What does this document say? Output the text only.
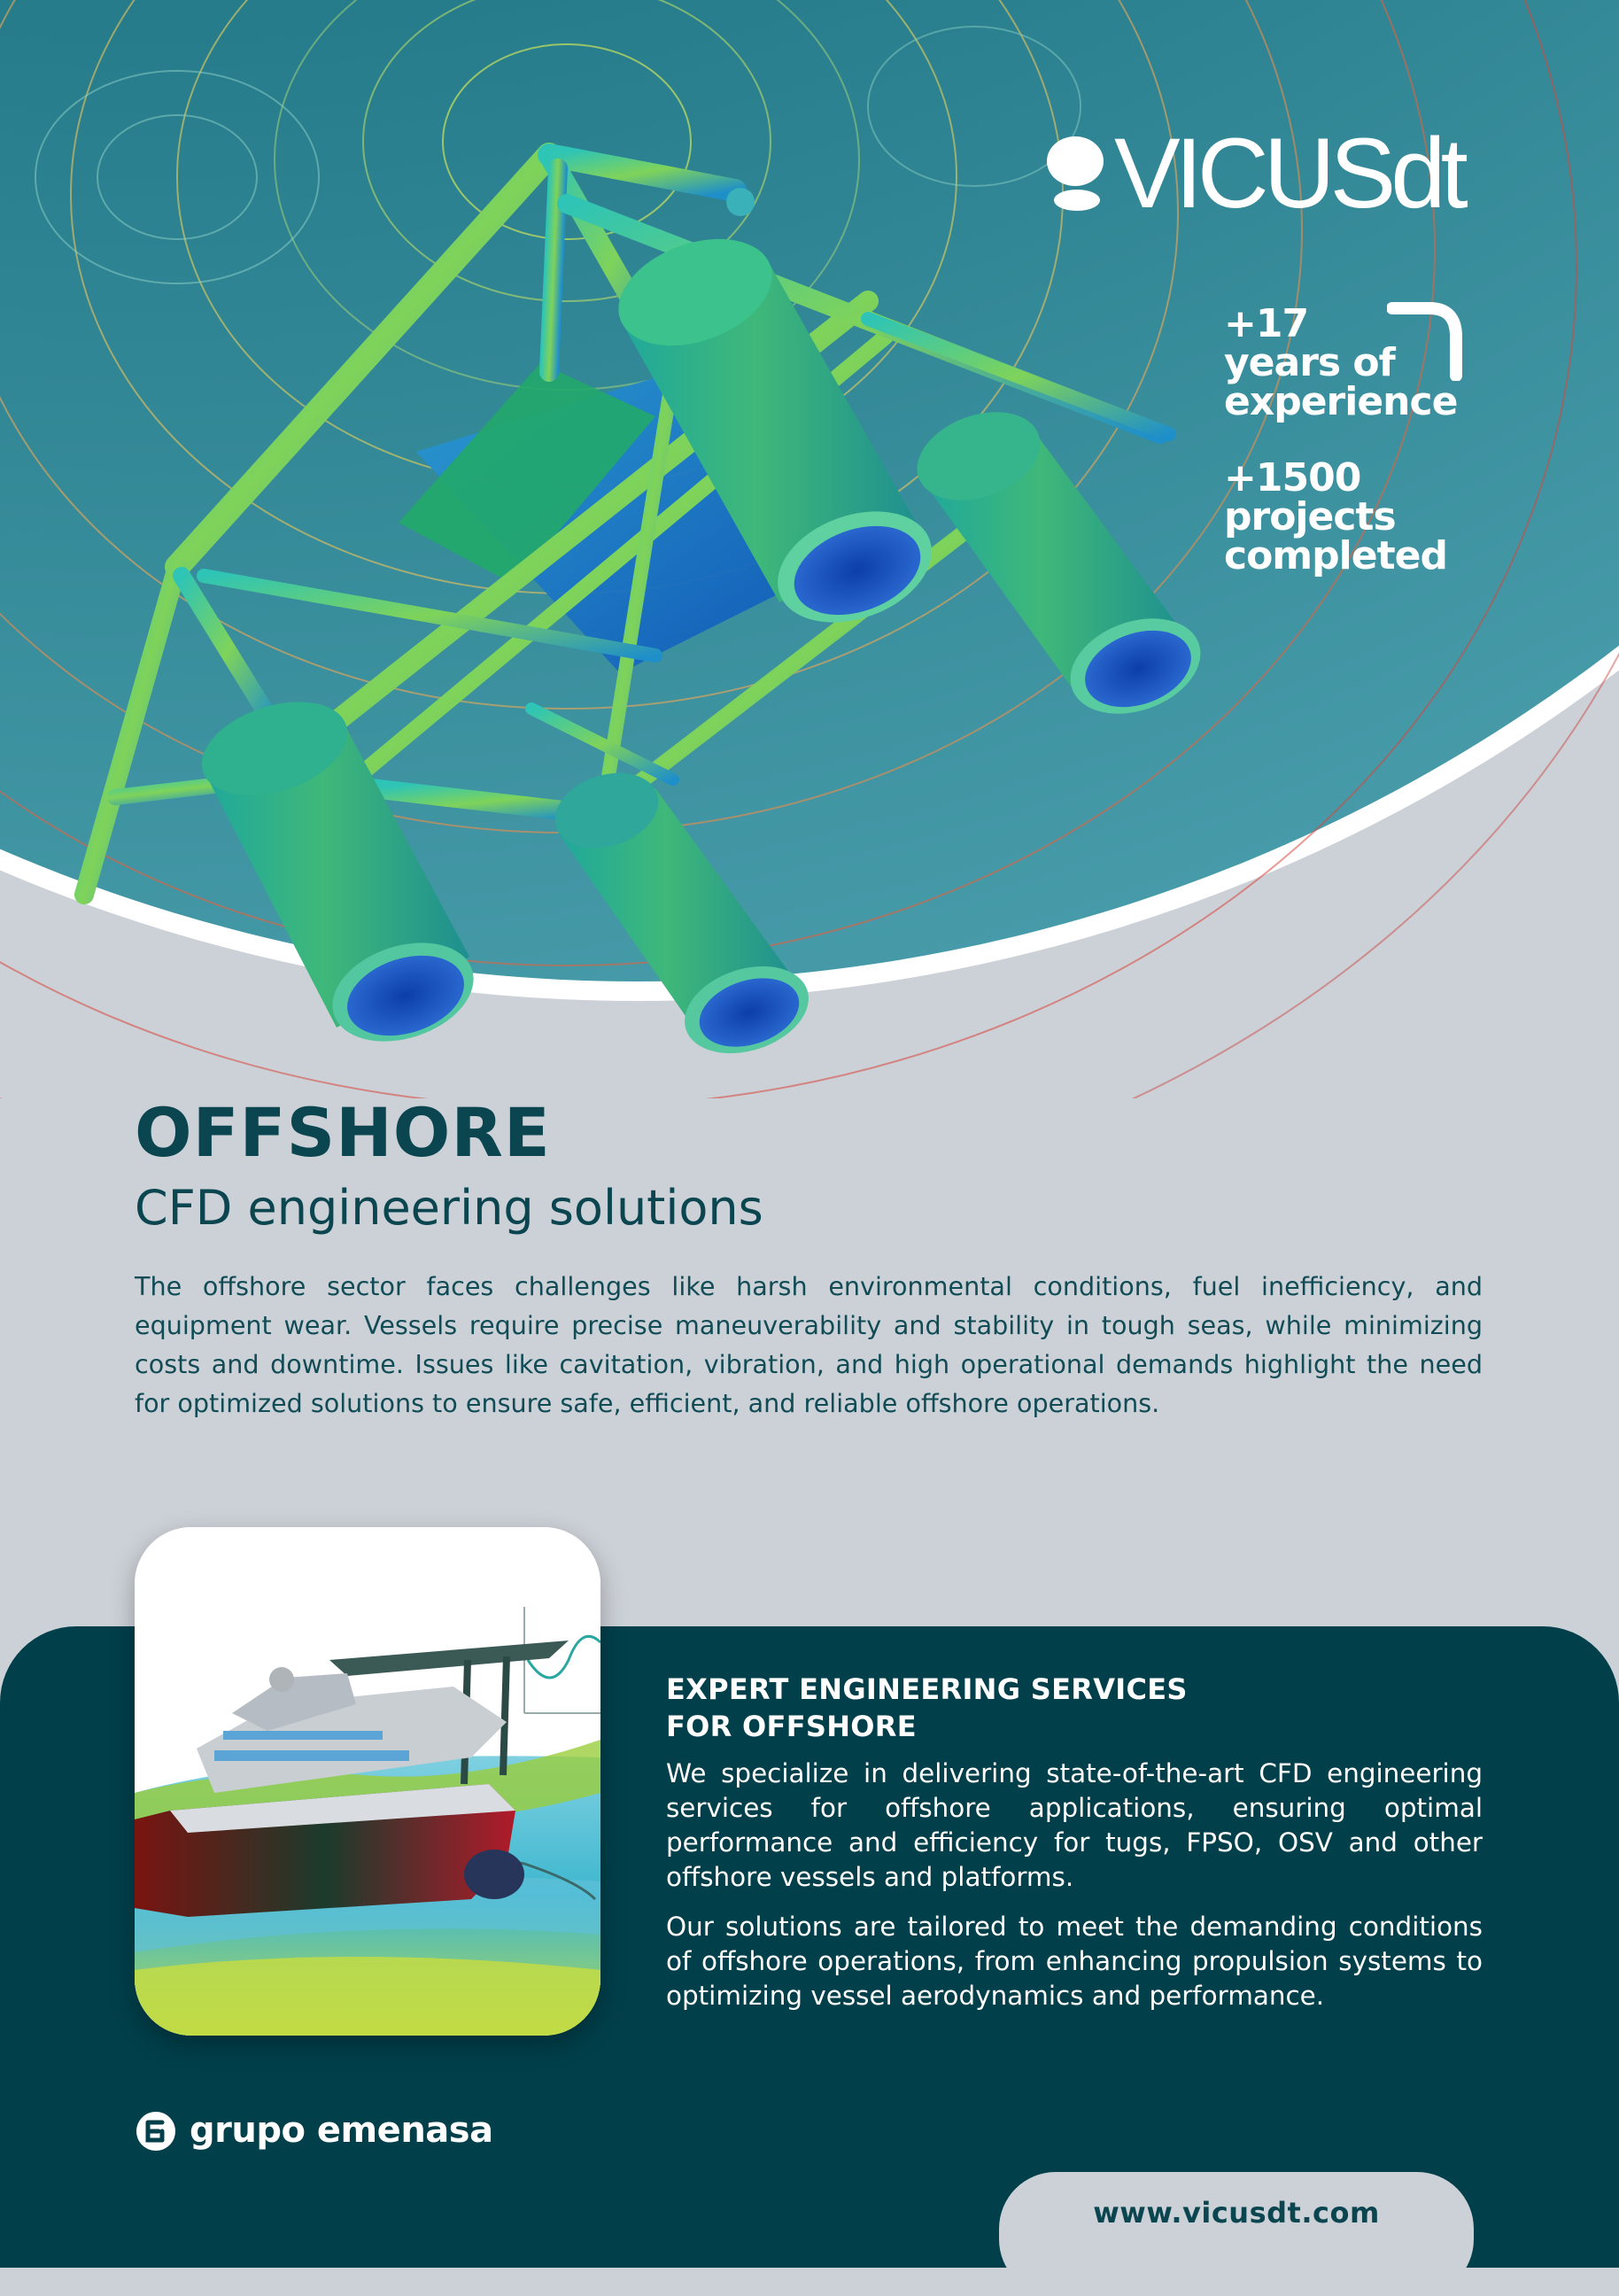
VICUSdt
+17
years of
experience
+1500
projects
completed
OFFSHORE
CFD engineering solutions

The offshore sector faces challenges like harsh environmental conditions, fuel inefficiency, and equipment wear. Vessels require precise maneuverability and stability in tough seas, while minimizing costs and downtime. Issues like cavitation, vibration, and high operational demands highlight the need for optimized solutions to ensure safe, efficient, and reliable offshore operations.

EXPERT ENGINEERING SERVICES
FOR OFFSHORE

We specialize in delivering state-of-the-art CFD engineering services for offshore applications, ensuring optimal performance and efficiency for tugs, FPSO, OSV and other offshore vessels and platforms.

Our solutions are tailored to meet the demanding conditions of offshore operations, from enhancing propulsion systems to optimizing vessel aerodynamics and performance.

grupo emenasa
www.vicusdt.com
